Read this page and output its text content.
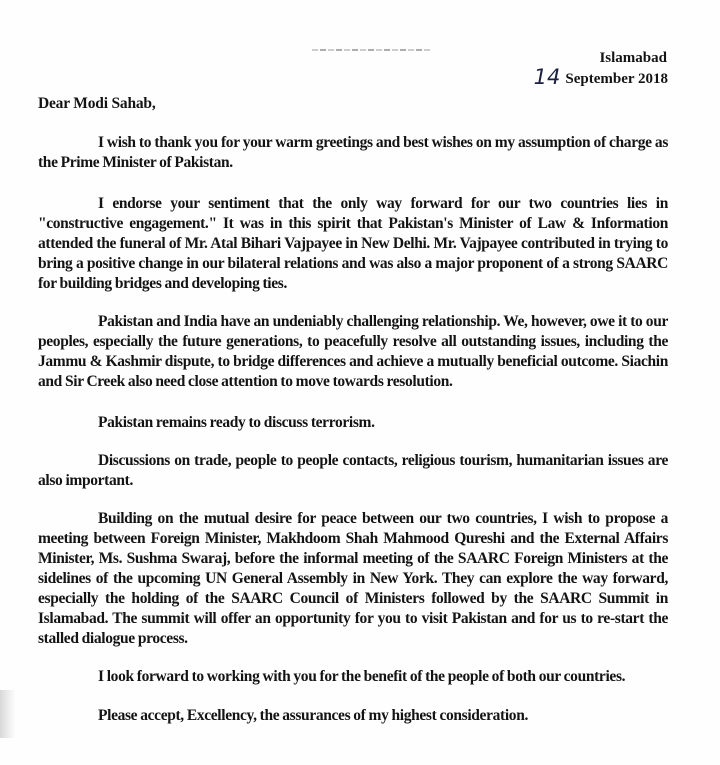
Islamabad
14 September 2018
Dear Modi Sahab,

I wish to thank you for your warm greetings and best wishes on my assumption of charge as the Prime Minister of Pakistan.

I endorse your sentiment that the only way forward for our two countries lies in "constructive engagement." It was in this spirit that Pakistan's Minister of Law & Information attended the funeral of Mr. Atal Bihari Vajpayee in New Delhi. Mr. Vajpayee contributed in trying to bring a positive change in our bilateral relations and was also a major proponent of a strong SAARC for building bridges and developing ties.

Pakistan and India have an undeniably challenging relationship. We, however, owe it to our peoples, especially the future generations, to peacefully resolve all outstanding issues, including the Jammu & Kashmir dispute, to bridge differences and achieve a mutually beneficial outcome. Siachin and Sir Creek also need close attention to move towards resolution.

Pakistan remains ready to discuss terrorism.

Discussions on trade, people to people contacts, religious tourism, humanitarian issues are also important.

Building on the mutual desire for peace between our two countries, I wish to propose a meeting between Foreign Minister, Makhdoom Shah Mahmood Qureshi and the External Affairs Minister, Ms. Sushma Swaraj, before the informal meeting of the SAARC Foreign Ministers at the sidelines of the upcoming UN General Assembly in New York. They can explore the way forward, especially the holding of the SAARC Council of Ministers followed by the SAARC Summit in Islamabad. The summit will offer an opportunity for you to visit Pakistan and for us to re-start the stalled dialogue process.

I look forward to working with you for the benefit of the people of both our countries.

Please accept, Excellency, the assurances of my highest consideration.
